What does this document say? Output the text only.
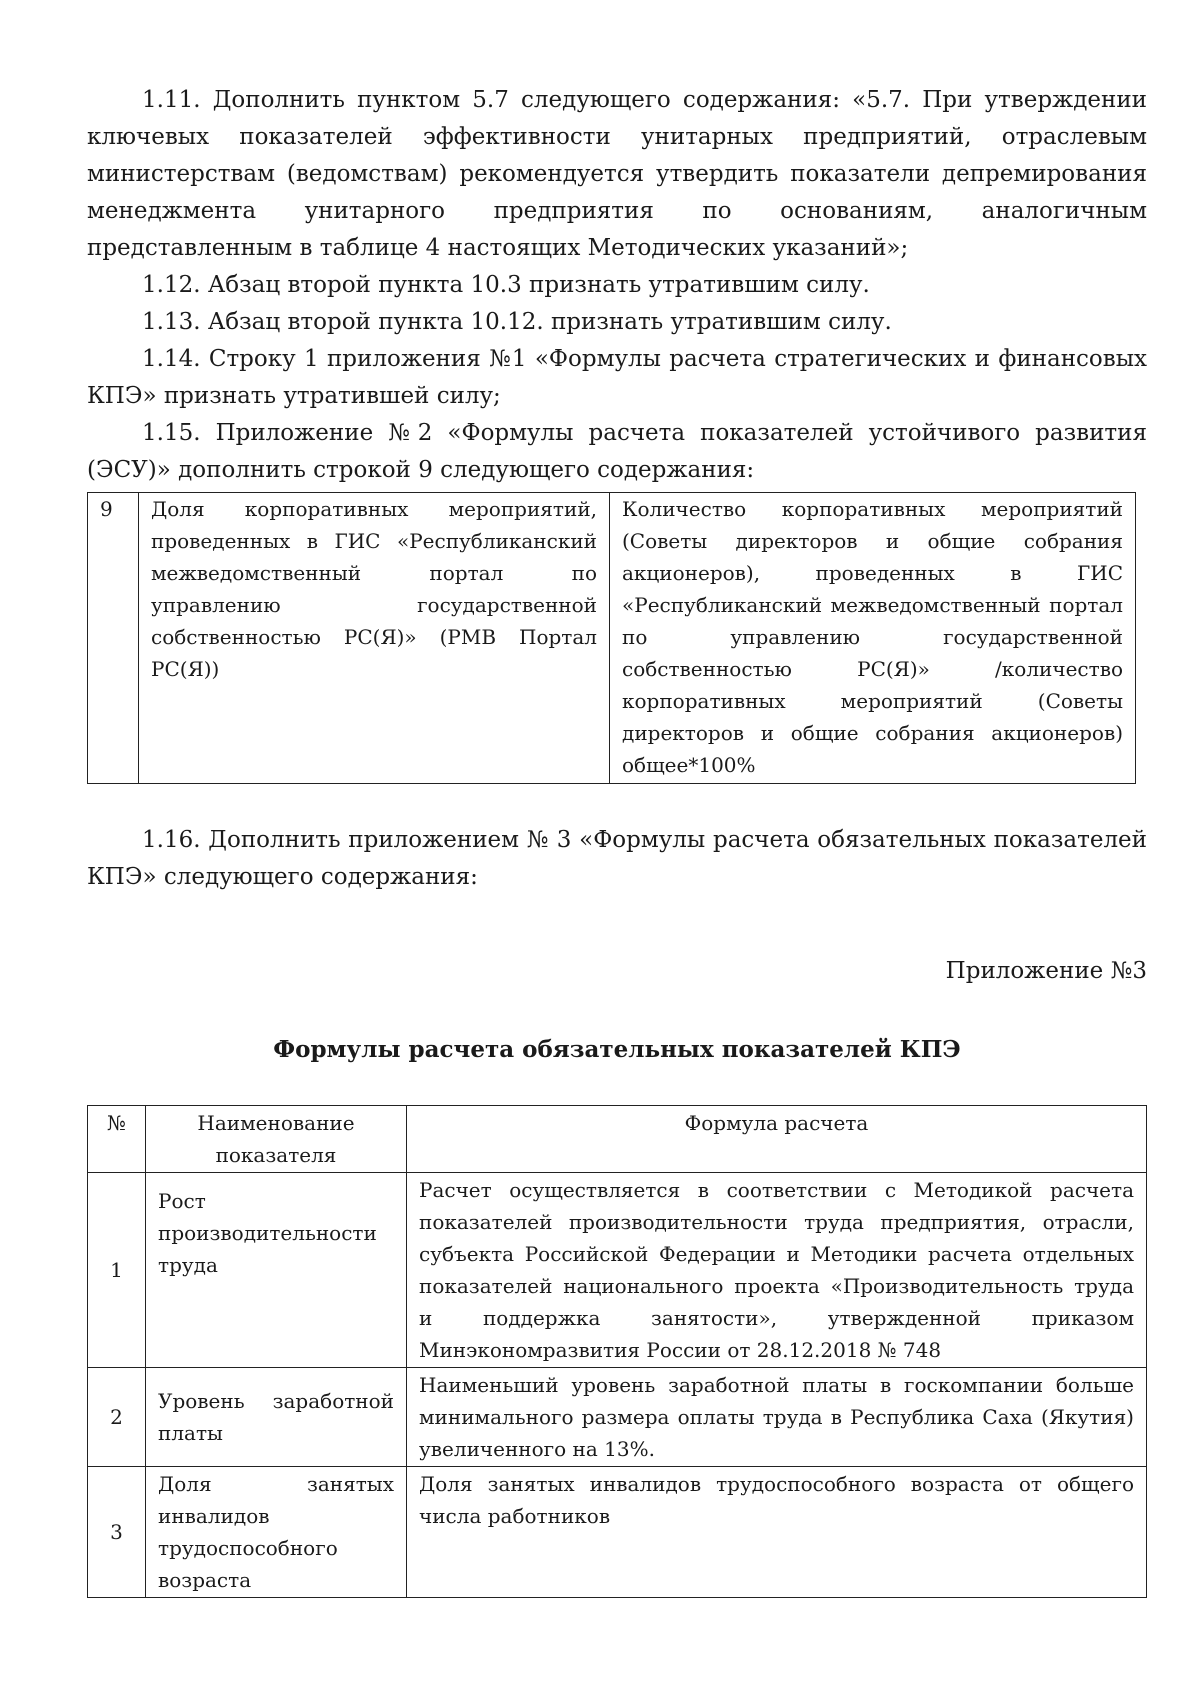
1.11. Дополнить пунктом 5.7 следующего содержания: «5.7. При утверждении ключевых показателей эффективности унитарных предприятий, отраслевым министерствам (ведомствам) рекомендуется утвердить показатели депремирования менеджмента унитарного предприятия по основаниям, аналогичным представленным в таблице 4 настоящих Методических указаний»;

1.12. Абзац второй пункта 10.3 признать утратившим силу.

1.13. Абзац второй пункта 10.12. признать утратившим силу.

1.14. Строку 1 приложения №1 «Формулы расчета стратегических и финансовых КПЭ» признать утратившей силу;

1.15. Приложение №2 «Формулы расчета показателей устойчивого развития (ЭСУ)» дополнить строкой 9 следующего содержания:

9	Доля корпоративных мероприятий, проведенных в ГИС «Республиканский межведомственный портал по управлению государственной собственностью РС(Я)» (РМВ Портал РС(Я))	Количество корпоративных мероприятий (Советы директоров и общие собрания акционеров), проведенных в ГИС «Республиканский межведомственный портал по управлению государственной собственностью РС(Я)» /количество корпоративных мероприятий (Советы директоров и общие собрания акционеров) общее*100%

1.16. Дополнить приложением № 3 «Формулы расчета обязательных показателей КПЭ» следующего содержания:

Приложение №3

Формулы расчета обязательных показателей КПЭ

№	Наименование показателя	Формула расчета
1	Рост производительности труда	Расчет осуществляется в соответствии с Методикой расчета показателей производительности труда предприятия, отрасли, субъекта Российской Федерации и Методики расчета отдельных показателей национального проекта «Производительность труда и поддержка занятости», утвержденной приказом Минэкономразвития России от 28.12.2018 № 748
2	Уровень заработной платы	Наименьший уровень заработной платы в госкомпании больше минимального размера оплаты труда в Республика Саха (Якутия) увеличенного на 13%.
3	Доля занятых инвалидов трудоспособного возраста	Доля занятых инвалидов трудоспособного возраста от общего числа работников
